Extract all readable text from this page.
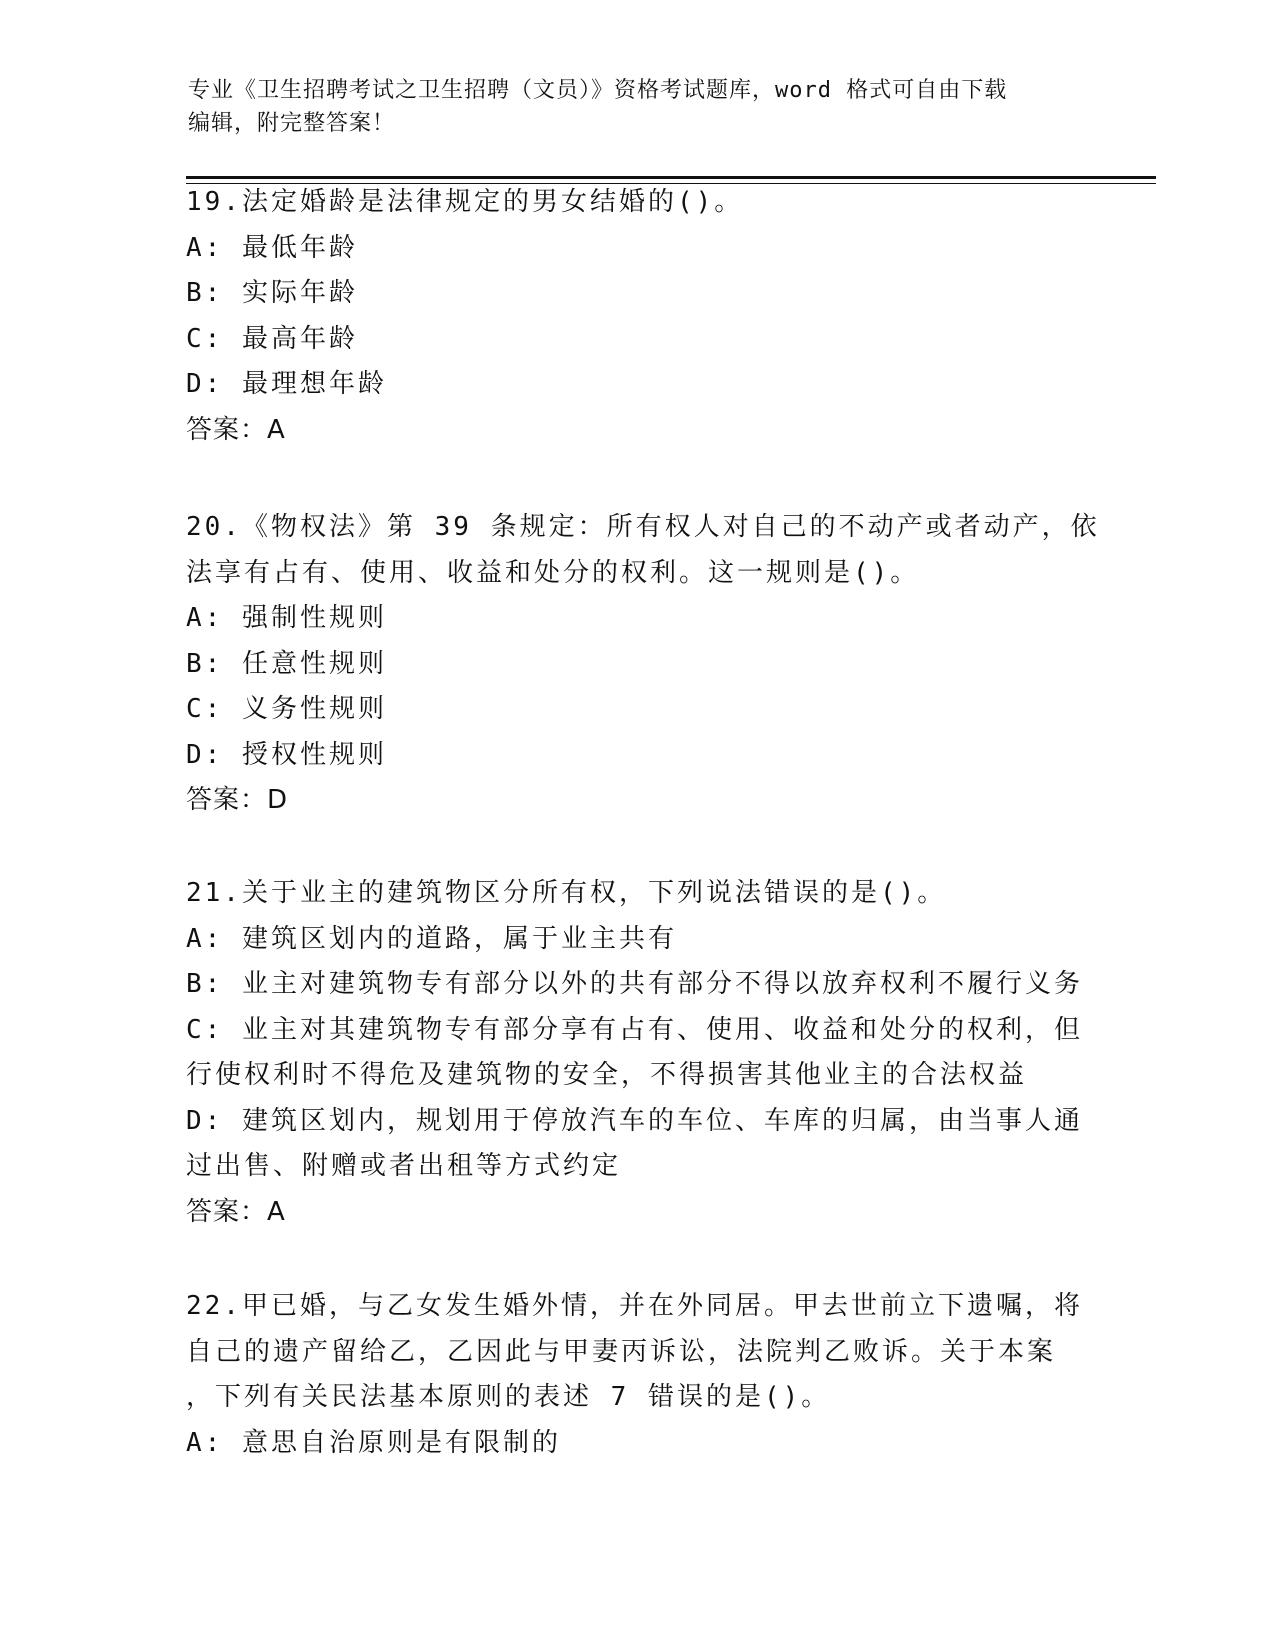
专业《卫生招聘考试之卫生招聘（文员）》资格考试题库，word 格式可自由下载
编辑，附完整答案！
19.法定婚龄是法律规定的男女结婚的()。
A: 最低年龄
B: 实际年龄
C: 最高年龄
D: 最理想年龄
答案：A
20.《物权法》第 39 条规定：所有权人对自己的不动产或者动产，依
法享有占有、使用、收益和处分的权利。这一规则是()。
A: 强制性规则
B: 任意性规则
C: 义务性规则
D: 授权性规则
答案：D
21.关于业主的建筑物区分所有权，下列说法错误的是()。
A: 建筑区划内的道路，属于业主共有
B: 业主对建筑物专有部分以外的共有部分不得以放弃权利不履行义务
C: 业主对其建筑物专有部分享有占有、使用、收益和处分的权利，但
行使权利时不得危及建筑物的安全，不得损害其他业主的合法权益
D: 建筑区划内，规划用于停放汽车的车位、车库的归属，由当事人通
过出售、附赠或者出租等方式约定
答案：A
22.甲已婚，与乙女发生婚外情，并在外同居。甲去世前立下遗嘱，将
自己的遗产留给乙，乙因此与甲妻丙诉讼，法院判乙败诉。关于本案
，下列有关民法基本原则的表述 7 错误的是()。
A: 意思自治原则是有限制的
